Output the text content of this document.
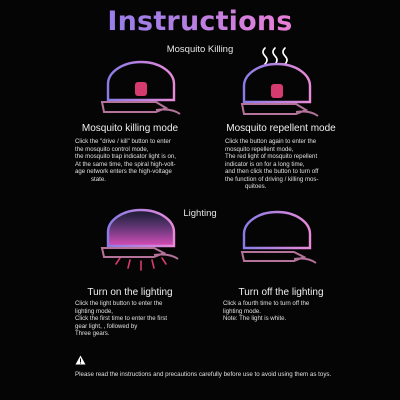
Instructions
Mosquito Killing
Mosquito killing mode	Mosquito repellent mode

Click the "drive / kill" button to enter

the mosquito control mode,

the mosquito trap indicator light is on,

At the same time, the spiral high-volt-

age network enters the high-voltage

state.

Click the button again to enter the

mosquito repellent mode,

The red light of mosquito repellent

indicator is on for a long time,

and then click the button to turn off

the function of driving / killing mos-

quitoes.

Lighting
Turn on the lighting	Turn off the lighting

Click the light button to enter the

lighting mode,

Click the first time to enter the first

gear light, , followed by

Three gears.

Click a fourth time to turn off the

lighting mode.

Note: The light is white.

Please read the instructions and precautions carefully before use to avoid using them as toys.
